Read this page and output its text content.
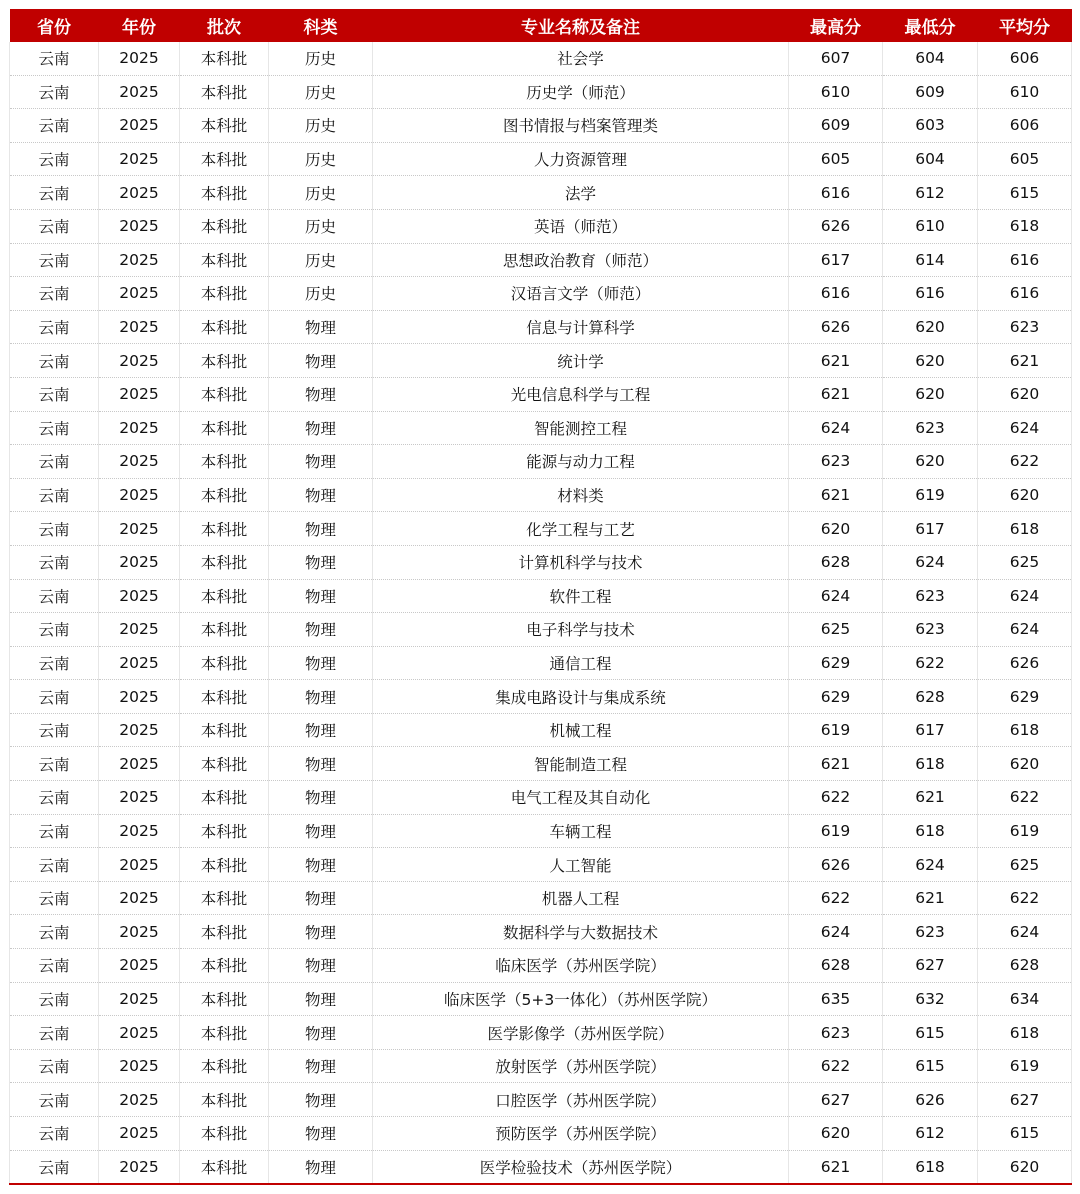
省份	年份	批次	科类	专业名称及备注	最高分	最低分	平均分
云南	2025	本科批	历史	社会学	607	604	606
云南	2025	本科批	历史	历史学（师范）	610	609	610
云南	2025	本科批	历史	图书情报与档案管理类	609	603	606
云南	2025	本科批	历史	人力资源管理	605	604	605
云南	2025	本科批	历史	法学	616	612	615
云南	2025	本科批	历史	英语（师范）	626	610	618
云南	2025	本科批	历史	思想政治教育（师范）	617	614	616
云南	2025	本科批	历史	汉语言文学（师范）	616	616	616
云南	2025	本科批	物理	信息与计算科学	626	620	623
云南	2025	本科批	物理	统计学	621	620	621
云南	2025	本科批	物理	光电信息科学与工程	621	620	620
云南	2025	本科批	物理	智能测控工程	624	623	624
云南	2025	本科批	物理	能源与动力工程	623	620	622
云南	2025	本科批	物理	材料类	621	619	620
云南	2025	本科批	物理	化学工程与工艺	620	617	618
云南	2025	本科批	物理	计算机科学与技术	628	624	625
云南	2025	本科批	物理	软件工程	624	623	624
云南	2025	本科批	物理	电子科学与技术	625	623	624
云南	2025	本科批	物理	通信工程	629	622	626
云南	2025	本科批	物理	集成电路设计与集成系统	629	628	629
云南	2025	本科批	物理	机械工程	619	617	618
云南	2025	本科批	物理	智能制造工程	621	618	620
云南	2025	本科批	物理	电气工程及其自动化	622	621	622
云南	2025	本科批	物理	车辆工程	619	618	619
云南	2025	本科批	物理	人工智能	626	624	625
云南	2025	本科批	物理	机器人工程	622	621	622
云南	2025	本科批	物理	数据科学与大数据技术	624	623	624
云南	2025	本科批	物理	临床医学（苏州医学院）	628	627	628
云南	2025	本科批	物理	临床医学（5+3一体化）（苏州医学院）	635	632	634
云南	2025	本科批	物理	医学影像学（苏州医学院）	623	615	618
云南	2025	本科批	物理	放射医学（苏州医学院）	622	615	619
云南	2025	本科批	物理	口腔医学（苏州医学院）	627	626	627
云南	2025	本科批	物理	预防医学（苏州医学院）	620	612	615
云南	2025	本科批	物理	医学检验技术（苏州医学院）	621	618	620
